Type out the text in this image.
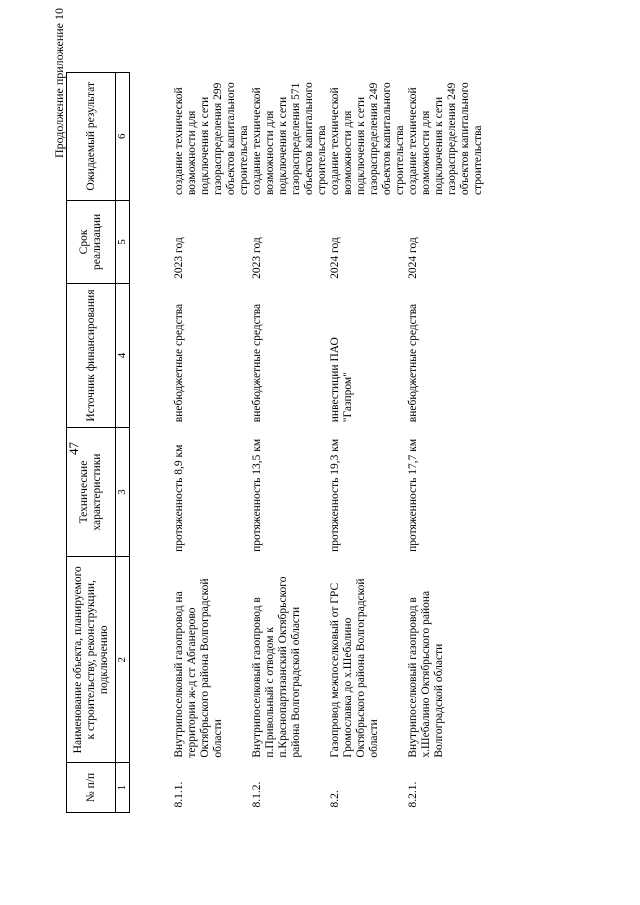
47
Продолжение приложение 10
№ п/п	Наименование объекта, планируемого к строительству, реконструкции, подключению	Технические характеристики	Источник финансирования	Срок реализации	Ожидаемый результат
1	2	3	4	5	6
8.1.1.	Внутрипоселковый газопровод на территории ж-д ст Абганерово Октябрьского района Волгоградской области	протяженность 8,9 км	внебюджетные средства	2023 год	создание технической возможности для подключения к сети газораспределения 299 объектов капитального строительства
8.1.2.	Внутрипоселковый газопровод в п.Привольный с отводом к п.Краснопартизанский Октябрьского района Волгоградской области	протяженность 13,5 км	внебюджетные средства	2023 год	создание технической возможности для подключения к сети газораспределения 571 объектов капитального строительства
8.2.	Газопровод межпоселковый от ГРС Громославка до х.Шебалино Октябрьского района Волгоградской области	протяженность 19,3 км	инвестиции ПАО "Газпром"	2024 год	создание технической возможности для подключения к сети газораспределения 249 объектов капитального строительства
8.2.1.	Внутрипоселковый газопровод в х.Шебалино Октябрьского района Волгоградской области	протяженность 17,7 км	внебюджетные средства	2024 год	создание технической возможности для подключения к сети газораспределения 249 объектов капитального строительства
